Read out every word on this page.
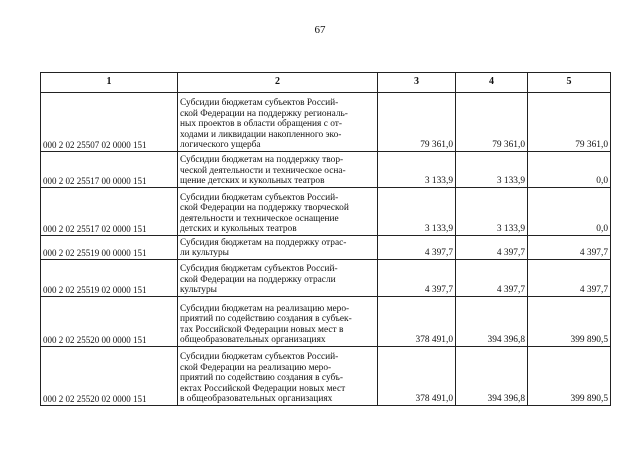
67
1	2	3	4	5
000 2 02 25507 02 0000 151	Субсидии бюджетам субъектов Россий-
ской Федерации на поддержку региональ-
ных проектов в области обращения с от-
ходами и ликвидации накопленного эко-
логического ущерба	79 361,0	79 361,0	79 361,0
000 2 02 25517 00 0000 151	Субсидии бюджетам на поддержку твор-
ческой деятельности и техническое осна-
щение детских и кукольных театров	3 133,9	3 133,9	0,0
000 2 02 25517 02 0000 151	Субсидии бюджетам субъектов Россий-
ской Федерации на поддержку творческой
деятельности и техническое оснащение
детских и кукольных театров	3 133,9	3 133,9	0,0
000 2 02 25519 00 0000 151	Субсидия бюджетам на поддержку отрас-
ли культуры	4 397,7	4 397,7	4 397,7
000 2 02 25519 02 0000 151	Субсидия бюджетам субъектов Россий-
ской Федерации на поддержку отрасли
культуры	4 397,7	4 397,7	4 397,7
000 2 02 25520 00 0000 151	Субсидии бюджетам на реализацию меро-
приятий по содействию создания в субъек-
тах Российской Федерации новых мест в
общеобразовательных организациях	378 491,0	394 396,8	399 890,5
000 2 02 25520 02 0000 151	Субсидии бюджетам субъектов Россий-
ской Федерации на реализацию меро-
приятий по содействию создания в субъ-
ектах Российской Федерации новых мест
в общеобразовательных организациях	378 491,0	394 396,8	399 890,5
